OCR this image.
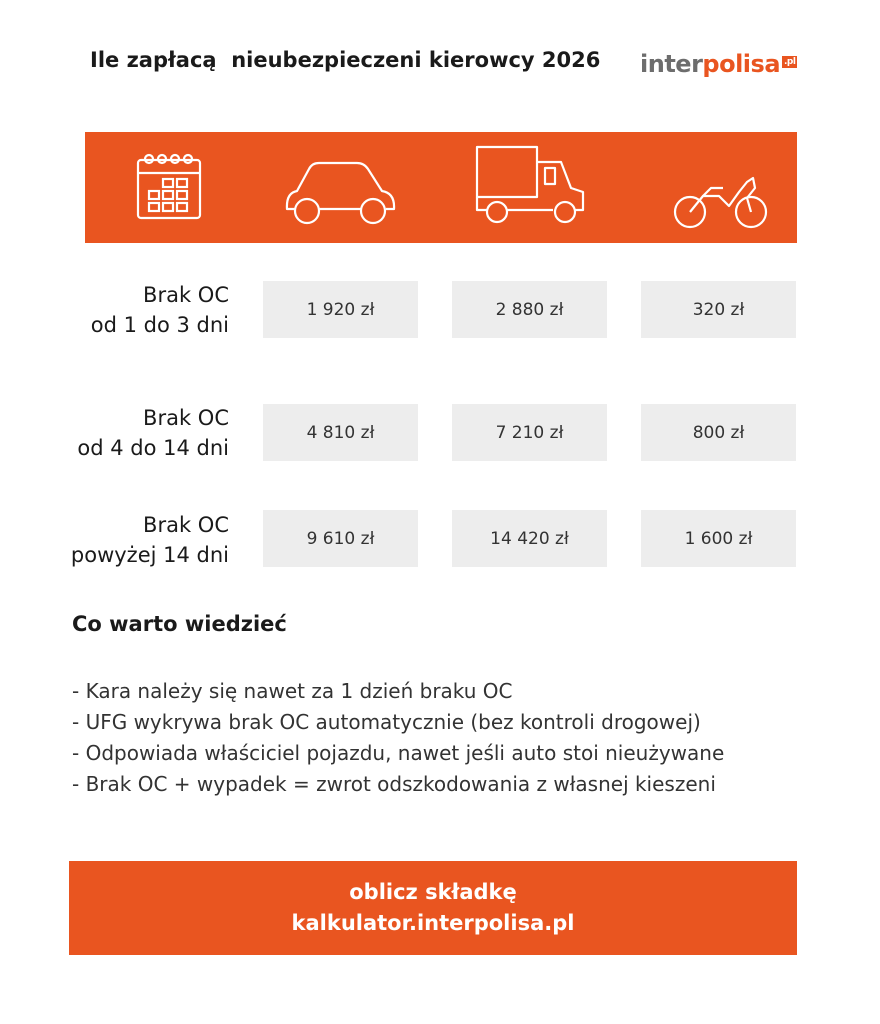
Ile zapłacą  nieubezpieczeni kierowcy 2026 inter polisa .pl
Brak OC
od 1 do 3 dni
1 920 zł	2 880 zł	320 zł
Brak OC
od 4 do 14 dni
4 810 zł	7 210 zł	800 zł
Brak OC
powyżej 14 dni
9 610 zł	14 420 zł	1 600 zł
Co warto wiedzieć
- Kara należy się nawet za 1 dzień braku OC
- UFG wykrywa brak OC automatycznie (bez kontroli drogowej)
- Odpowiada właściciel pojazdu, nawet jeśli auto stoi nieużywane
- Brak OC + wypadek = zwrot odszkodowania z własnej kieszeni
oblicz składkę
kalkulator.interpolisa.pl
